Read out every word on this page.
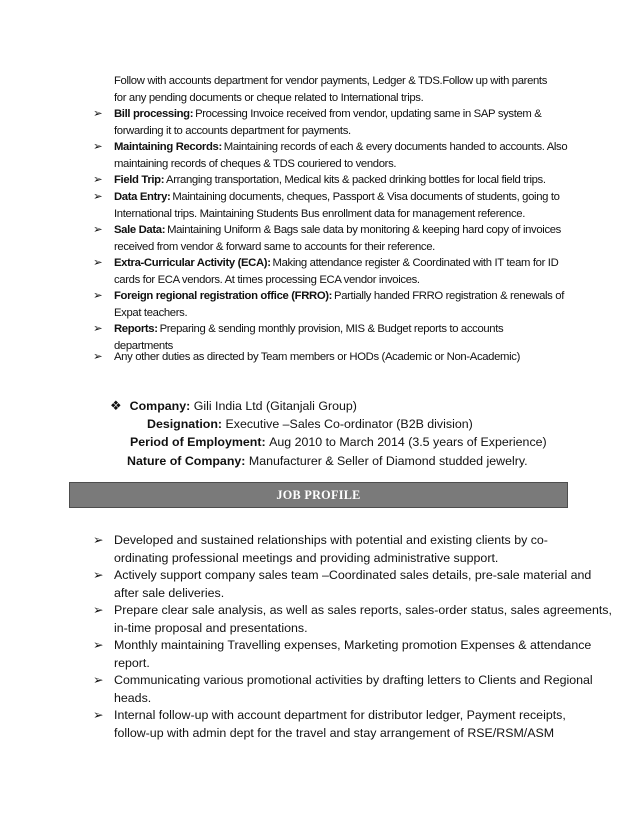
Follow with accounts department for vendor payments, Ledger & TDS.Follow up with parents
for any pending documents or cheque related to International trips.
➢	Bill processing:  Processing Invoice received from vendor, updating same in SAP system &
forwarding it to accounts department for payments.
➢	Maintaining Records:  Maintaining records of each & every documents handed to accounts. Also
maintaining records of cheques & TDS couriered to vendors.
➢	Field Trip:  Arranging transportation, Medical kits & packed drinking bottles for local field trips.
➢	Data Entry:  Maintaining documents, cheques, Passport & Visa documents of students, going to
International trips. Maintaining Students Bus enrollment data for management reference.
➢	Sale Data:  Maintaining Uniform & Bags sale data by monitoring & keeping hard copy of invoices
received from vendor & forward same to accounts for their reference.
➢	Extra-Curricular Activity (ECA):  Making attendance register & Coordinated with IT team for ID
cards for ECA vendors. At times processing ECA vendor invoices.
➢	Foreign regional registration office (FRRO):  Partially handed FRRO registration & renewals of
Expat teachers.
➢	Reports:  Preparing & sending monthly provision, MIS & Budget reports to accounts
departments
➢	Any other duties as directed by Team members or HODs (Academic or Non-Academic)
❖ Company: Gili India Ltd (Gitanjali Group)
Designation: Executive –Sales Co-ordinator (B2B division)
Period of Employment: Aug 2010 to March 2014 (3.5 years of Experience)
Nature of Company: Manufacturer & Seller of Diamond studded jewelry.
JOB PROFILE
➢ Developed and sustained relationships with potential and existing clients by co-
ordinating professional meetings and providing administrative support.
➢ Actively support company sales team –Coordinated sales details, pre-sale material and
after sale deliveries.
➢ Prepare clear sale analysis, as well as sales reports, sales-order status, sales agreements,
in-time proposal and presentations.
➢ Monthly maintaining Travelling expenses, Marketing promotion Expenses & attendance
report.
➢ Communicating various promotional activities by drafting letters to Clients and Regional
heads.
➢ Internal follow-up with account department for distributor ledger, Payment receipts,
follow-up with admin dept for the travel and stay arrangement of RSE/RSM/ASM
